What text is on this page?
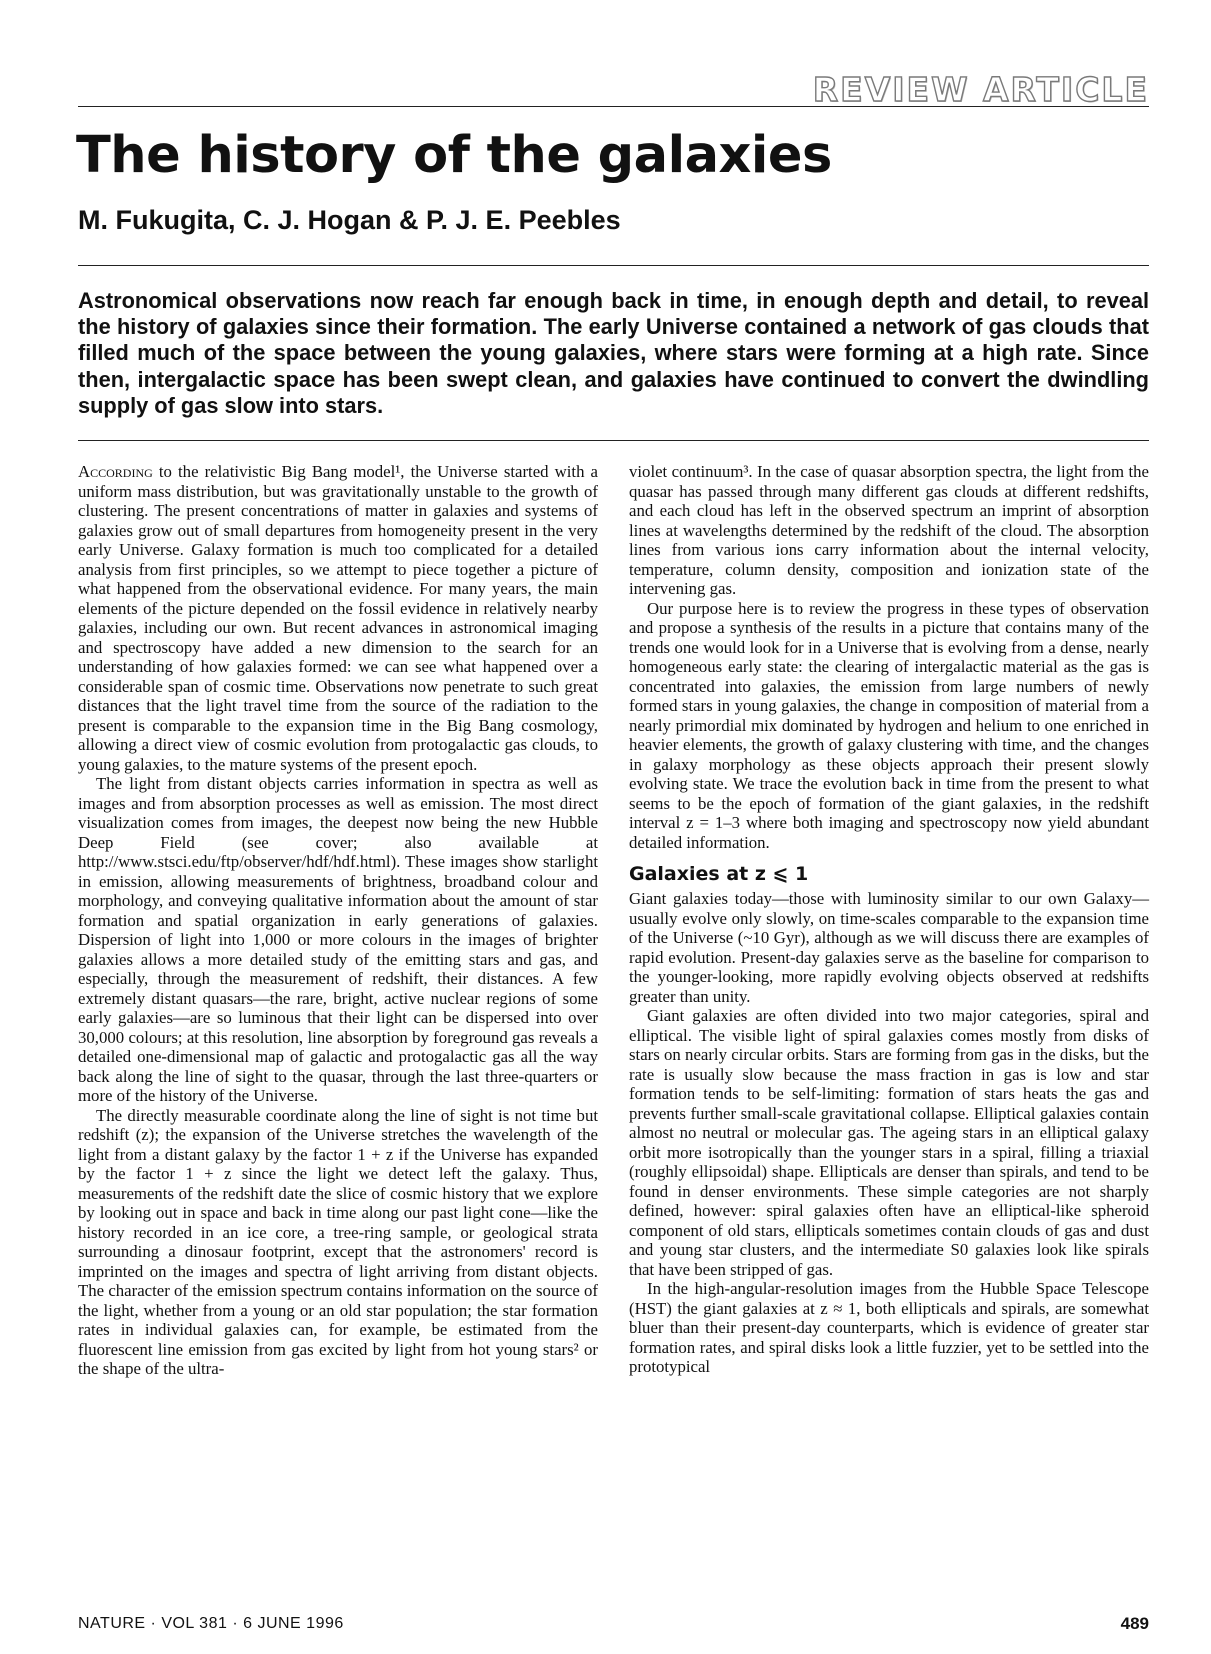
REVIEW ARTICLE
The history of the galaxies
M. Fukugita, C. J. Hogan & P. J. E. Peebles

Astronomical observations now reach far enough back in time, in enough depth and detail, to reveal the history of galaxies since their formation. The early Universe contained a network of gas clouds that filled much of the space between the young galaxies, where stars were forming at a high rate. Since then, intergalactic space has been swept clean, and galaxies have continued to convert the dwindling supply of gas slow into stars.

According to the relativistic Big Bang model¹, the Universe started with a uniform mass distribution, but was gravitationally unstable to the growth of clustering. The present concentrations of matter in galaxies and systems of galaxies grow out of small departures from homogeneity present in the very early Universe. Galaxy formation is much too complicated for a detailed analysis from first principles, so we attempt to piece together a picture of what happened from the observational evidence. For many years, the main elements of the picture depended on the fossil evidence in relatively nearby galaxies, including our own. But recent advances in astronomical imaging and spectroscopy have added a new dimension to the search for an understanding of how galaxies formed: we can see what happened over a considerable span of cosmic time. Observations now penetrate to such great distances that the light travel time from the source of the radiation to the present is comparable to the expansion time in the Big Bang cosmology, allowing a direct view of cosmic evolution from protogalactic gas clouds, to young galaxies, to the mature systems of the present epoch.

The light from distant objects carries information in spectra as well as images and from absorption processes as well as emission. The most direct visualization comes from images, the deepest now being the new Hubble Deep Field (see cover; also available at http://www.stsci.edu/ftp/observer/hdf/hdf.html). These images show starlight in emission, allowing measurements of brightness, broadband colour and morphology, and conveying qualitative information about the amount of star formation and spatial organization in early generations of galaxies. Dispersion of light into 1,000 or more colours in the images of brighter galaxies allows a more detailed study of the emitting stars and gas, and especially, through the measurement of redshift, their distances. A few extremely distant quasars—the rare, bright, active nuclear regions of some early galaxies—are so luminous that their light can be dispersed into over 30,000 colours; at this resolution, line absorption by foreground gas reveals a detailed one-dimensional map of galactic and protogalactic gas all the way back along the line of sight to the quasar, through the last three-quarters or more of the history of the Universe.

The directly measurable coordinate along the line of sight is not time but redshift (z); the expansion of the Universe stretches the wavelength of the light from a distant galaxy by the factor 1 + z if the Universe has expanded by the factor 1 + z since the light we detect left the galaxy. Thus, measurements of the redshift date the slice of cosmic history that we explore by looking out in space and back in time along our past light cone—like the history recorded in an ice core, a tree-ring sample, or geological strata surrounding a dinosaur footprint, except that the astronomers' record is imprinted on the images and spectra of light arriving from distant objects. The character of the emission spectrum contains information on the source of the light, whether from a young or an old star population; the star formation rates in individual galaxies can, for example, be estimated from the fluorescent line emission from gas excited by light from hot young stars² or the shape of the ultra-

violet continuum³. In the case of quasar absorption spectra, the light from the quasar has passed through many different gas clouds at different redshifts, and each cloud has left in the observed spectrum an imprint of absorption lines at wavelengths determined by the redshift of the cloud. The absorption lines from various ions carry information about the internal velocity, temperature, column density, composition and ionization state of the intervening gas.

Our purpose here is to review the progress in these types of observation and propose a synthesis of the results in a picture that contains many of the trends one would look for in a Universe that is evolving from a dense, nearly homogeneous early state: the clearing of intergalactic material as the gas is concentrated into galaxies, the emission from large numbers of newly formed stars in young galaxies, the change in composition of material from a nearly primordial mix dominated by hydrogen and helium to one enriched in heavier elements, the growth of galaxy clustering with time, and the changes in galaxy morphology as these objects approach their present slowly evolving state. We trace the evolution back in time from the present to what seems to be the epoch of formation of the giant galaxies, in the redshift interval z = 1–3 where both imaging and spectroscopy now yield abundant detailed information.

Galaxies at z ⩽ 1

Giant galaxies today—those with luminosity similar to our own Galaxy—usually evolve only slowly, on time-scales comparable to the expansion time of the Universe (~10 Gyr), although as we will discuss there are examples of rapid evolution. Present-day galaxies serve as the baseline for comparison to the younger-looking, more rapidly evolving objects observed at redshifts greater than unity.

Giant galaxies are often divided into two major categories, spiral and elliptical. The visible light of spiral galaxies comes mostly from disks of stars on nearly circular orbits. Stars are forming from gas in the disks, but the rate is usually slow because the mass fraction in gas is low and star formation tends to be self-limiting: formation of stars heats the gas and prevents further small-scale gravitational collapse. Elliptical galaxies contain almost no neutral or molecular gas. The ageing stars in an elliptical galaxy orbit more isotropically than the younger stars in a spiral, filling a triaxial (roughly ellipsoidal) shape. Ellipticals are denser than spirals, and tend to be found in denser environments. These simple categories are not sharply defined, however: spiral galaxies often have an elliptical-like spheroid component of old stars, ellipticals sometimes contain clouds of gas and dust and young star clusters, and the intermediate S0 galaxies look like spirals that have been stripped of gas.

In the high-angular-resolution images from the Hubble Space Telescope (HST) the giant galaxies at z ≈ 1, both ellipticals and spirals, are somewhat bluer than their present-day counterparts, which is evidence of greater star formation rates, and spiral disks look a little fuzzier, yet to be settled into the prototypical

NATURE · VOL 381 · 6 JUNE 1996	489
